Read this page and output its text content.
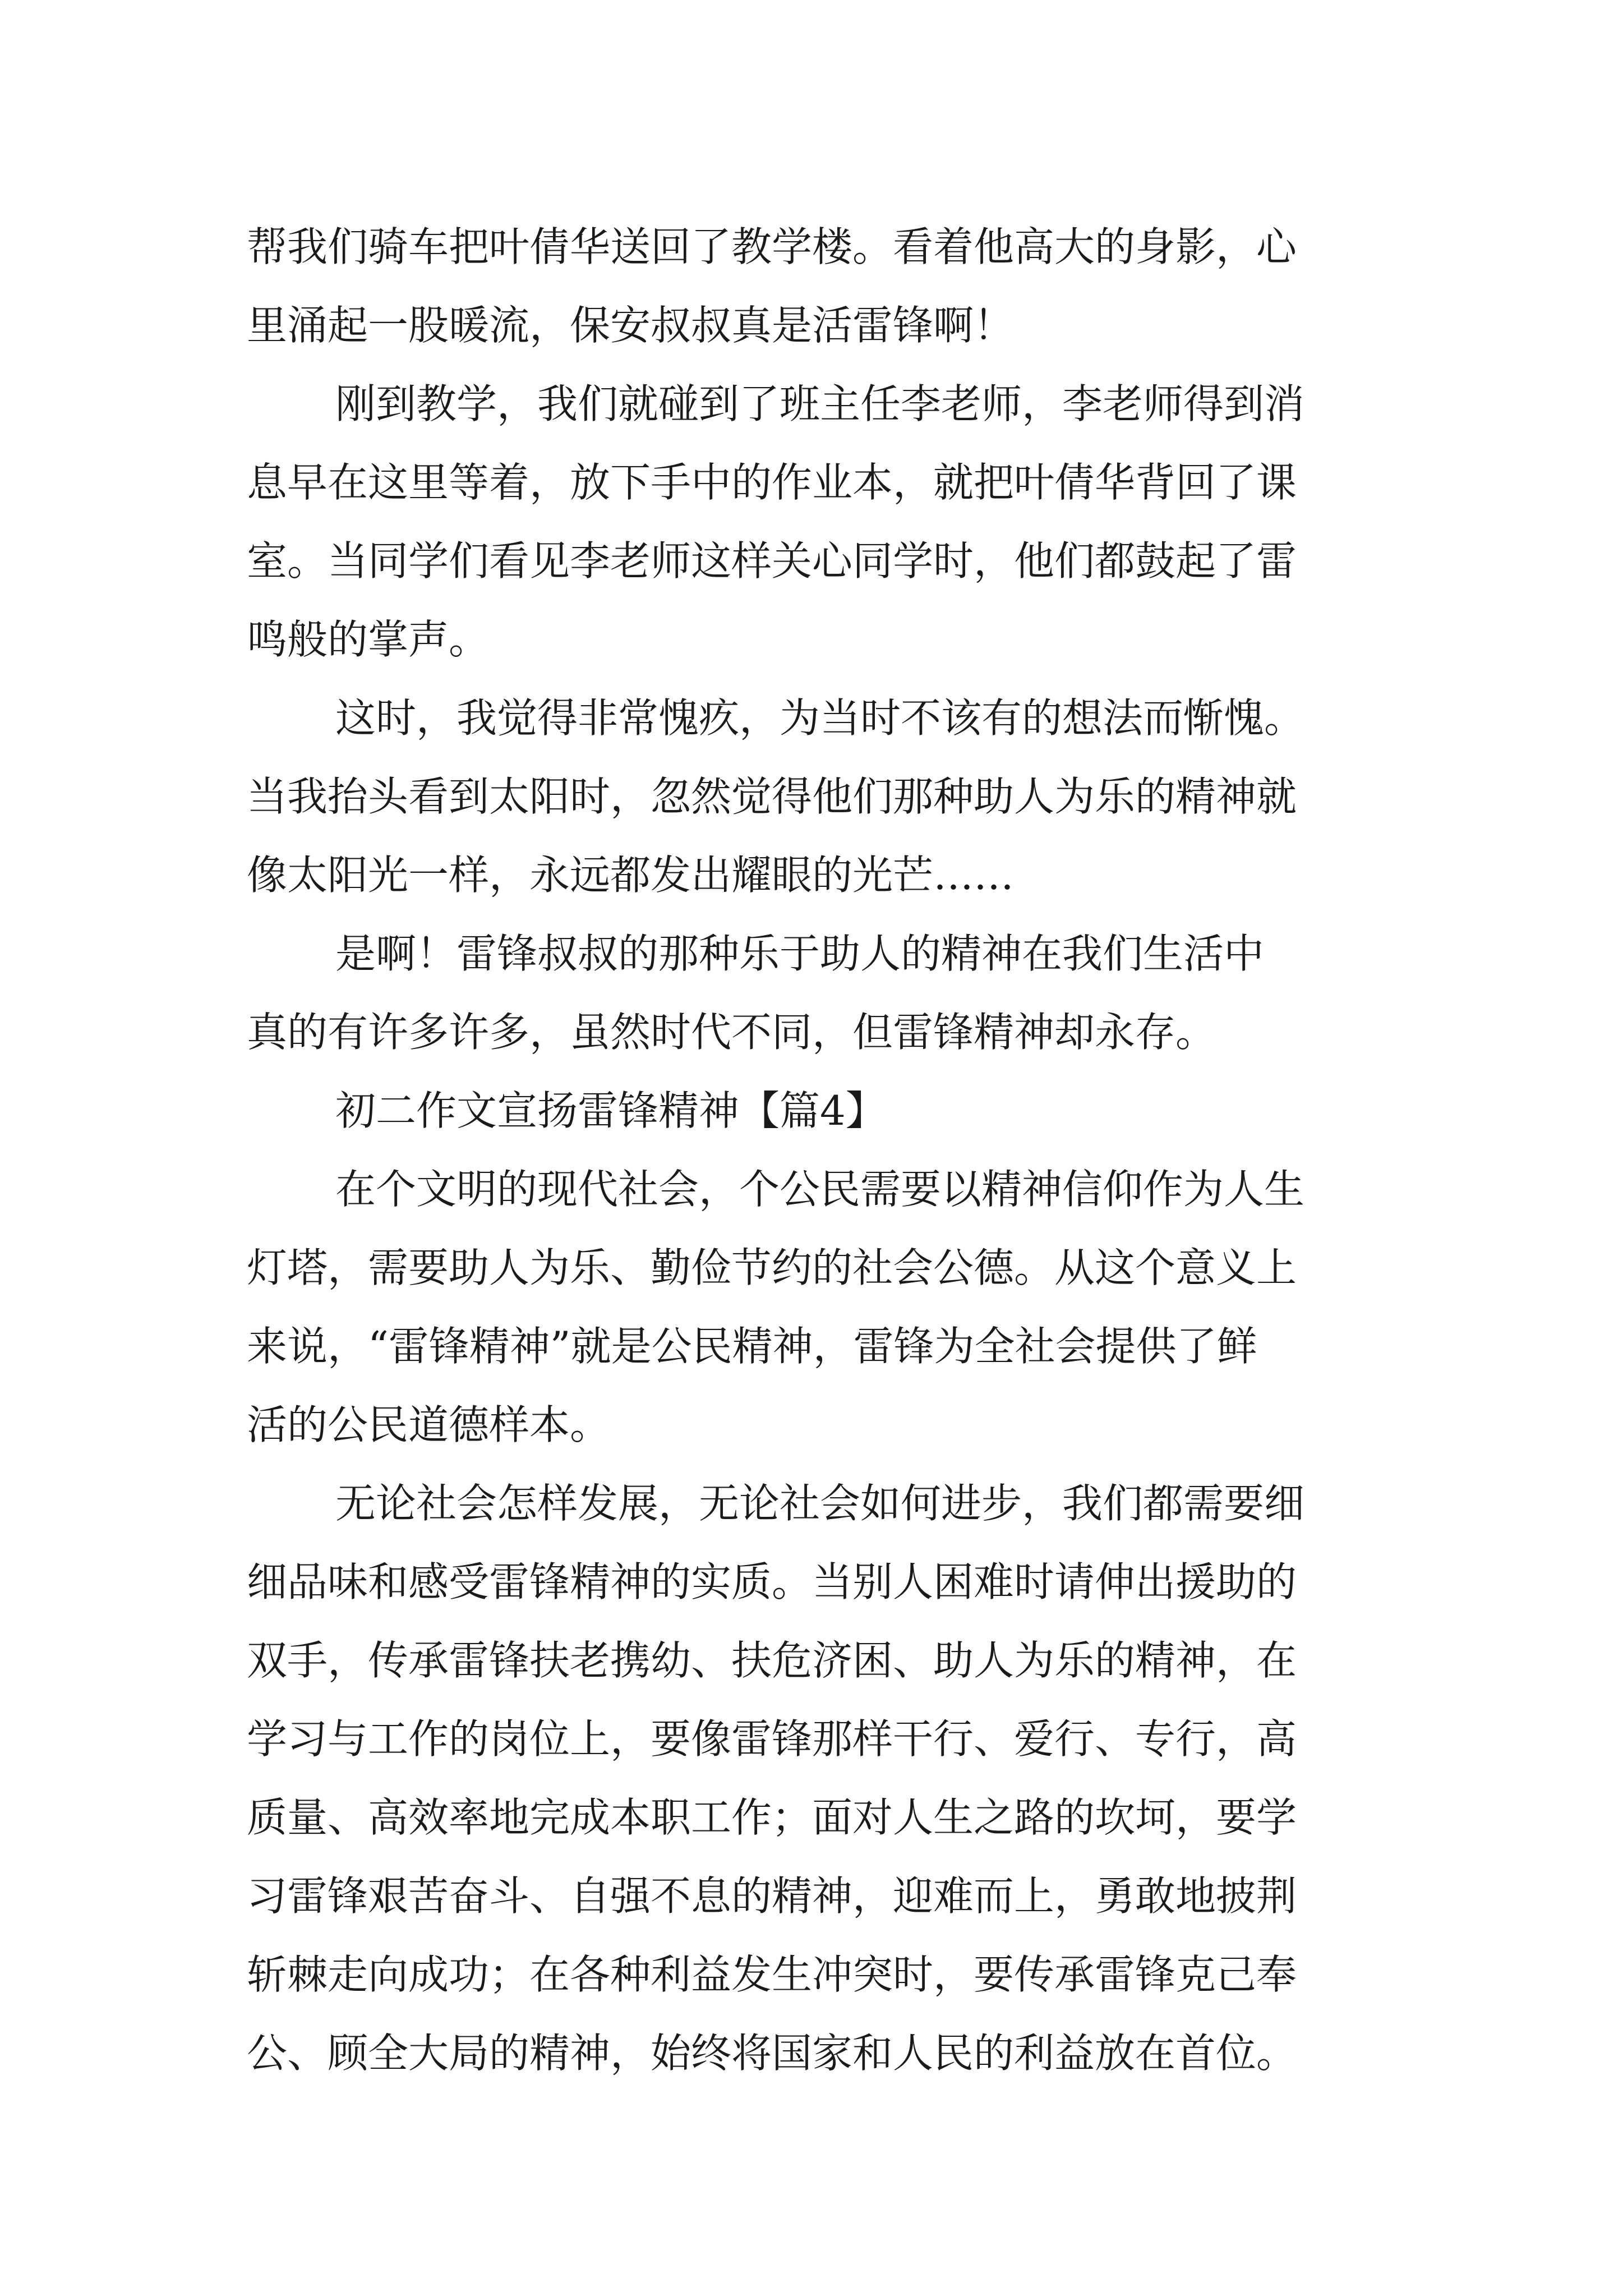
帮我们骑车把叶倩华送回了教学楼。看着他高大的身影，心
里涌起一股暖流，保安叔叔真是活雷锋啊！
刚到教学，我们就碰到了班主任李老师，李老师得到消
息早在这里等着，放下手中的作业本，就把叶倩华背回了课
室。当同学们看见李老师这样关心同学时，他们都鼓起了雷
鸣般的掌声。
这时，我觉得非常愧疚，为当时不该有的想法而惭愧。
当我抬头看到太阳时，忽然觉得他们那种助人为乐的精神就
像太阳光一样，永远都发出耀眼的光芒……
是啊！雷锋叔叔的那种乐于助人的精神在我们生活中
真的有许多许多，虽然时代不同，但雷锋精神却永存。
初二作文宣扬雷锋精神【篇4】
在个文明的现代社会，个公民需要以精神信仰作为人生
灯塔，需要助人为乐、勤俭节约的社会公德。从这个意义上
来说，“雷锋精神”就是公民精神，雷锋为全社会提供了鲜
活的公民道德样本。
无论社会怎样发展，无论社会如何进步，我们都需要细
细品味和感受雷锋精神的实质。当别人困难时请伸出援助的
双手，传承雷锋扶老携幼、扶危济困、助人为乐的精神，在
学习与工作的岗位上，要像雷锋那样干行、爱行、专行，高
质量、高效率地完成本职工作；面对人生之路的坎坷，要学
习雷锋艰苦奋斗、自强不息的精神，迎难而上，勇敢地披荆
斩棘走向成功；在各种利益发生冲突时，要传承雷锋克己奉
公、顾全大局的精神，始终将国家和人民的利益放在首位。
